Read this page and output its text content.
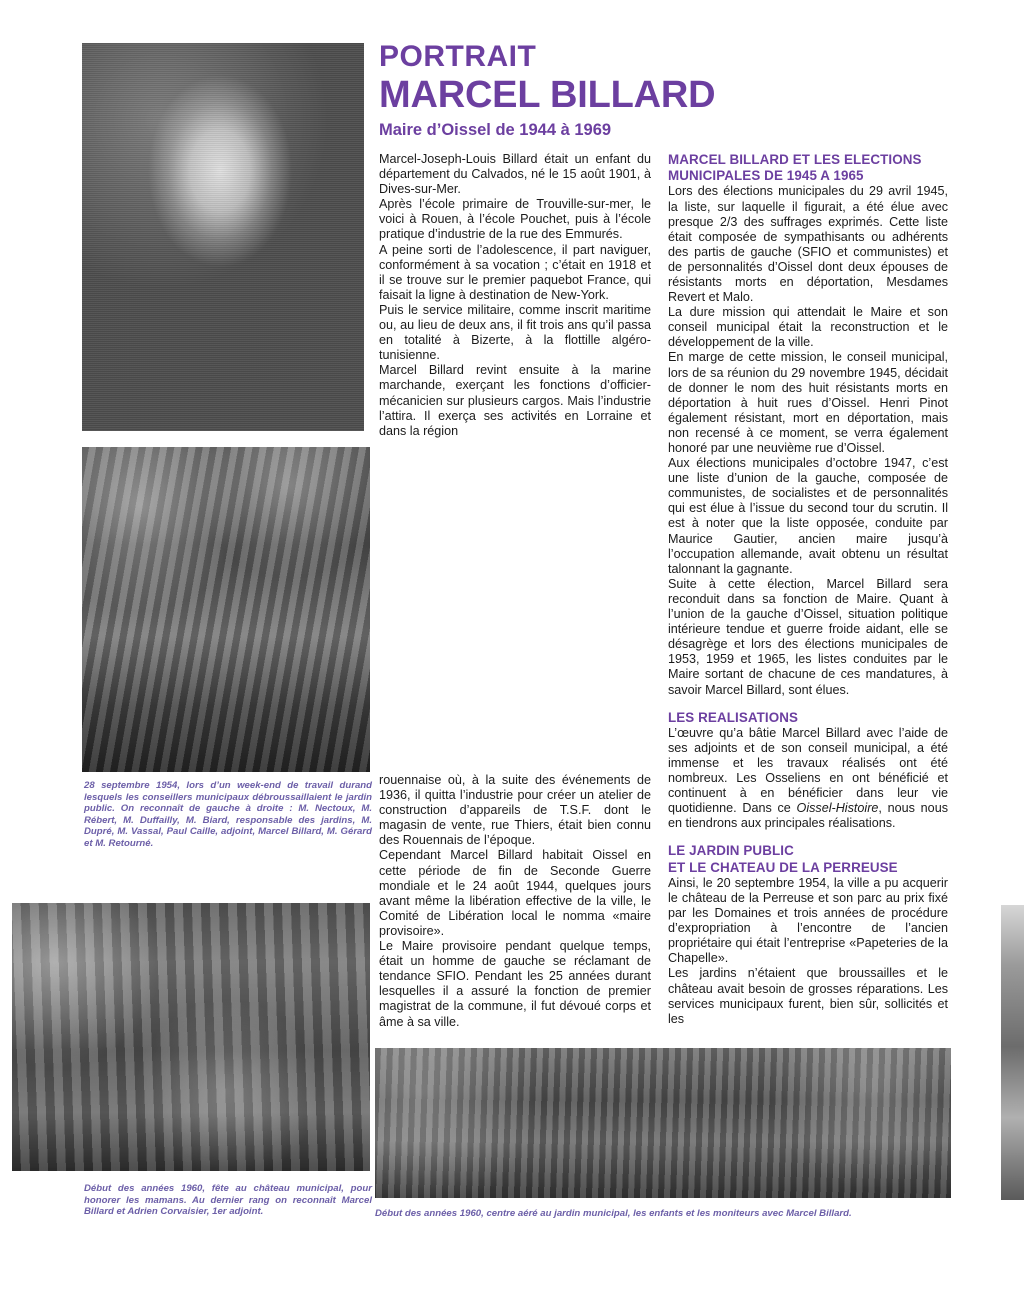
PORTRAIT
MARCEL BILLARD
Maire d’Oissel de 1944 à 1969

Marcel-Joseph-Louis Billard était un enfant du département du Calvados, né le 15 août 1901, à Dives-sur-Mer.

Après l’école primaire de Trouville-sur-mer, le voici à Rouen, à l’école Pouchet, puis à l’école pratique d’industrie de la rue des Emmurés.

A peine sorti de l’adolescence, il part naviguer, conformément à sa vocation ; c’était en 1918 et il se trouve sur le premier paquebot France, qui faisait la ligne à destination de New-York.

Puis le service militaire, comme inscrit maritime ou, au lieu de deux ans, il fit trois ans qu’il passa en totalité à Bizerte, à la flottille algéro-tunisienne.

Marcel Billard revint ensuite à la marine marchande, exerçant les fonctions d’officier-mécanicien sur plusieurs cargos. Mais l’industrie l’attira. Il exerça ses activités en Lorraine et dans la région

rouennaise où, à la suite des événements de 1936, il quitta l’industrie pour créer un atelier de construction d’appareils de T.S.F. dont le magasin de vente, rue Thiers, était bien connu des Rouennais de l’époque.

Cependant Marcel Billard habitait Oissel en cette période de fin de Seconde Guerre mondiale et le 24 août 1944, quelques jours avant même la libération effective de la ville, le Comité de Libération local le nomma «maire provisoire».

Le Maire provisoire pendant quelque temps, était un homme de gauche se réclamant de tendance SFIO. Pendant les 25 années durant lesquelles il a assuré la fonction de premier magistrat de la commune, il fut dévoué corps et âme à sa ville.

MARCEL BILLARD ET LES ELECTIONS
MUNICIPALES DE 1945 A 1965

Lors des élections municipales du 29 avril 1945, la liste, sur laquelle il figurait, a été élue avec presque 2/3 des suffrages exprimés. Cette liste était composée de sympathisants ou adhérents des partis de gauche (SFIO et communistes) et de personnalités d’Oissel dont deux épouses de résistants morts en déportation, Mesdames Revert et Malo.

La dure mission qui attendait le Maire et son conseil municipal était la reconstruction et le développement de la ville.

En marge de cette mission, le conseil municipal, lors de sa réunion du 29 novembre 1945, décidait de donner le nom des huit résistants morts en déportation à huit rues d’Oissel. Henri Pinot également résistant, mort en déportation, mais non recensé à ce moment, se verra également honoré par une neuvième rue d’Oissel.

Aux élections municipales d’octobre 1947, c’est une liste d’union de la gauche, composée de communistes, de socialistes et de personnalités qui est élue à l’issue du second tour du scrutin. Il est à noter que la liste opposée, conduite par Maurice Gautier, ancien maire jusqu’à l’occupation allemande, avait obtenu un résultat talonnant la gagnante.

Suite à cette élection, Marcel Billard sera reconduit dans sa fonction de Maire. Quant à l’union de la gauche d’Oissel, situation politique intérieure tendue et guerre froide aidant, elle se désagrège et lors des élections municipales de 1953, 1959 et 1965, les listes conduites par le Maire sortant de chacune de ces mandatures, à savoir Marcel Billard, sont élues.

LES REALISATIONS

L’œuvre qu’a bâtie Marcel Billard avec l’aide de ses adjoints et de son conseil municipal, a été immense et les travaux réalisés ont été nombreux. Les Osseliens en ont bénéficié et continuent à en bénéficier dans leur vie quotidienne. Dans ce Oissel-Histoire, nous nous en tiendrons aux principales réalisations.

LE JARDIN PUBLIC
ET LE CHATEAU DE LA PERREUSE

Ainsi, le 20 septembre 1954, la ville a pu acquerir le château de la Perreuse et son parc au prix fixé par les Domaines et trois années de procédure d’expropriation à l’encontre de l’ancien propriétaire qui était l’entreprise «Papeteries de la Chapelle».

Les jardins n’étaient que broussailles et le château avait besoin de grosses réparations. Les services municipaux furent, bien sûr, sollicités et les

28 septembre 1954, lors d’un week-end de travail durand lesquels les conseillers municipaux débroussaillaient le jardin public. On reconnaît de gauche à droite : M. Nectoux, M. Rébert, M. Duffailly, M. Biard, responsable des jardins, M. Dupré, M. Vassal, Paul Caille, adjoint, Marcel Billard, M. Gérard et M. Retourné.
Début des années 1960, fête au château municipal, pour honorer les mamans. Au dernier rang on reconnaît Marcel Billard et Adrien Corvaisier, 1er adjoint.	Début des années 1960, centre aéré au jardin municipal, les enfants et les moniteurs avec Marcel Billard.
